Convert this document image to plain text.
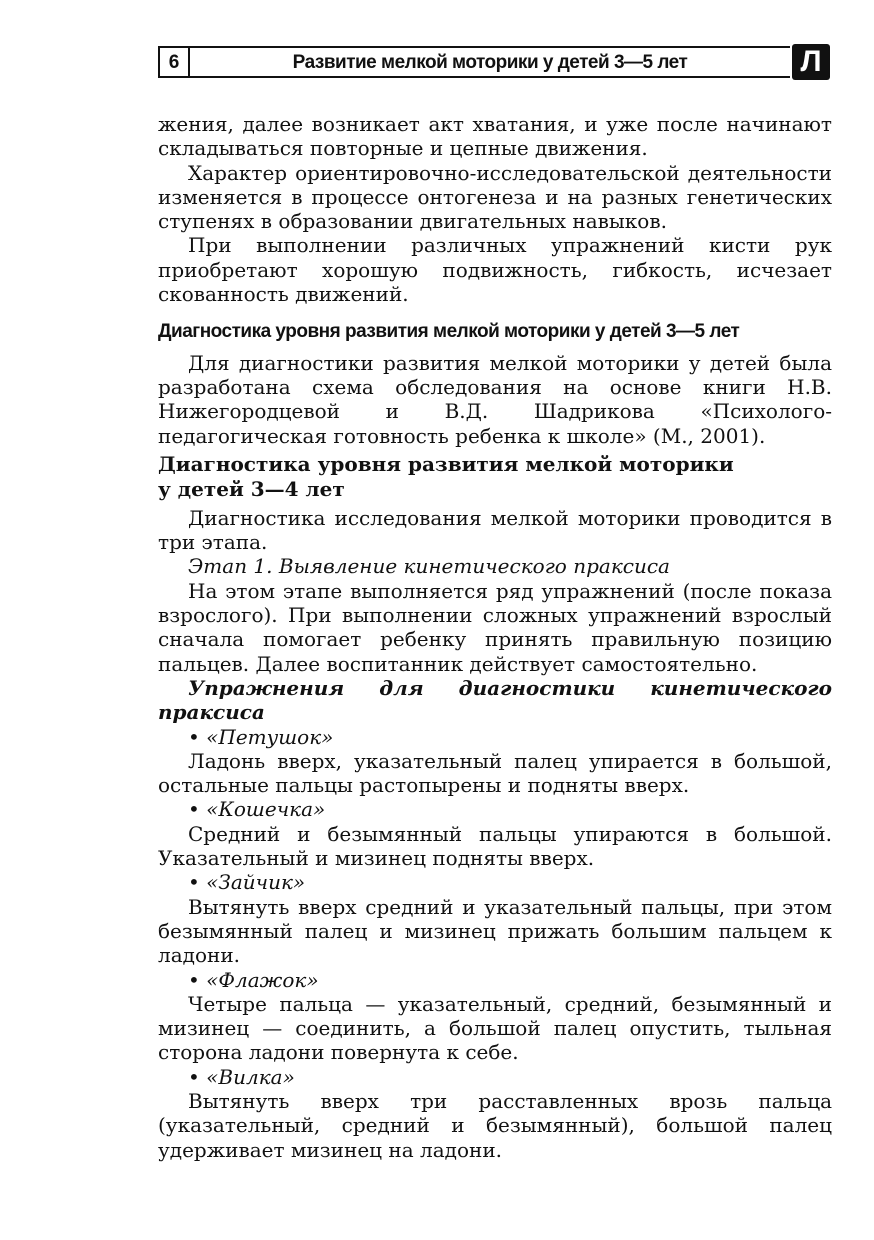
6	Развитие мелкой моторики у детей 3—5 лет	Л

жения, далее возникает акт хватания, и уже после начинают складываться повторные и цепные движения.

Характер ориентировочно-исследовательской деятельности изменяется в процессе онтогенеза и на разных генетических ступенях в образовании двигательных навыков.

При выполнении различных упражнений кисти рук приобретают хорошую подвижность, гибкость, исчезает скованность движений.

Диагностика уровня развития мелкой моторики у детей 3—5 лет

Для диагностики развития мелкой моторики у детей была разработана схема обследования на основе книги Н.В. Нижегородцевой и В.Д. Шадрикова «Психолого-педагогическая готовность ребенка к школе» (М., 2001).

Диагностика уровня развития мелкой моторики
у детей 3—4 лет

Диагностика исследования мелкой моторики проводится в три этапа.

Этап 1. Выявление кинетического праксиса

На этом этапе выполняется ряд упражнений (после показа взрослого). При выполнении сложных упражнений взрослый сначала помогает ребенку принять правильную позицию пальцев. Далее воспитанник действует самостоятельно.

Упражнения для диагностики кинетического праксиса

• «Петушок»

Ладонь вверх, указательный палец упирается в большой, остальные пальцы растопырены и подняты вверх.

• «Кошечка»

Средний и безымянный пальцы упираются в большой. Указательный и мизинец подняты вверх.

• «Зайчик»

Вытянуть вверх средний и указательный пальцы, при этом безымянный палец и мизинец прижать большим пальцем к ладони.

• «Флажок»

Четыре пальца — указательный, средний, безымянный и мизинец — соединить, а большой палец опустить, тыльная сторона ладони повернута к себе.

• «Вилка»

Вытянуть вверх три расставленных врозь пальца (указательный, средний и безымянный), большой палец удерживает мизинец на ладони.
